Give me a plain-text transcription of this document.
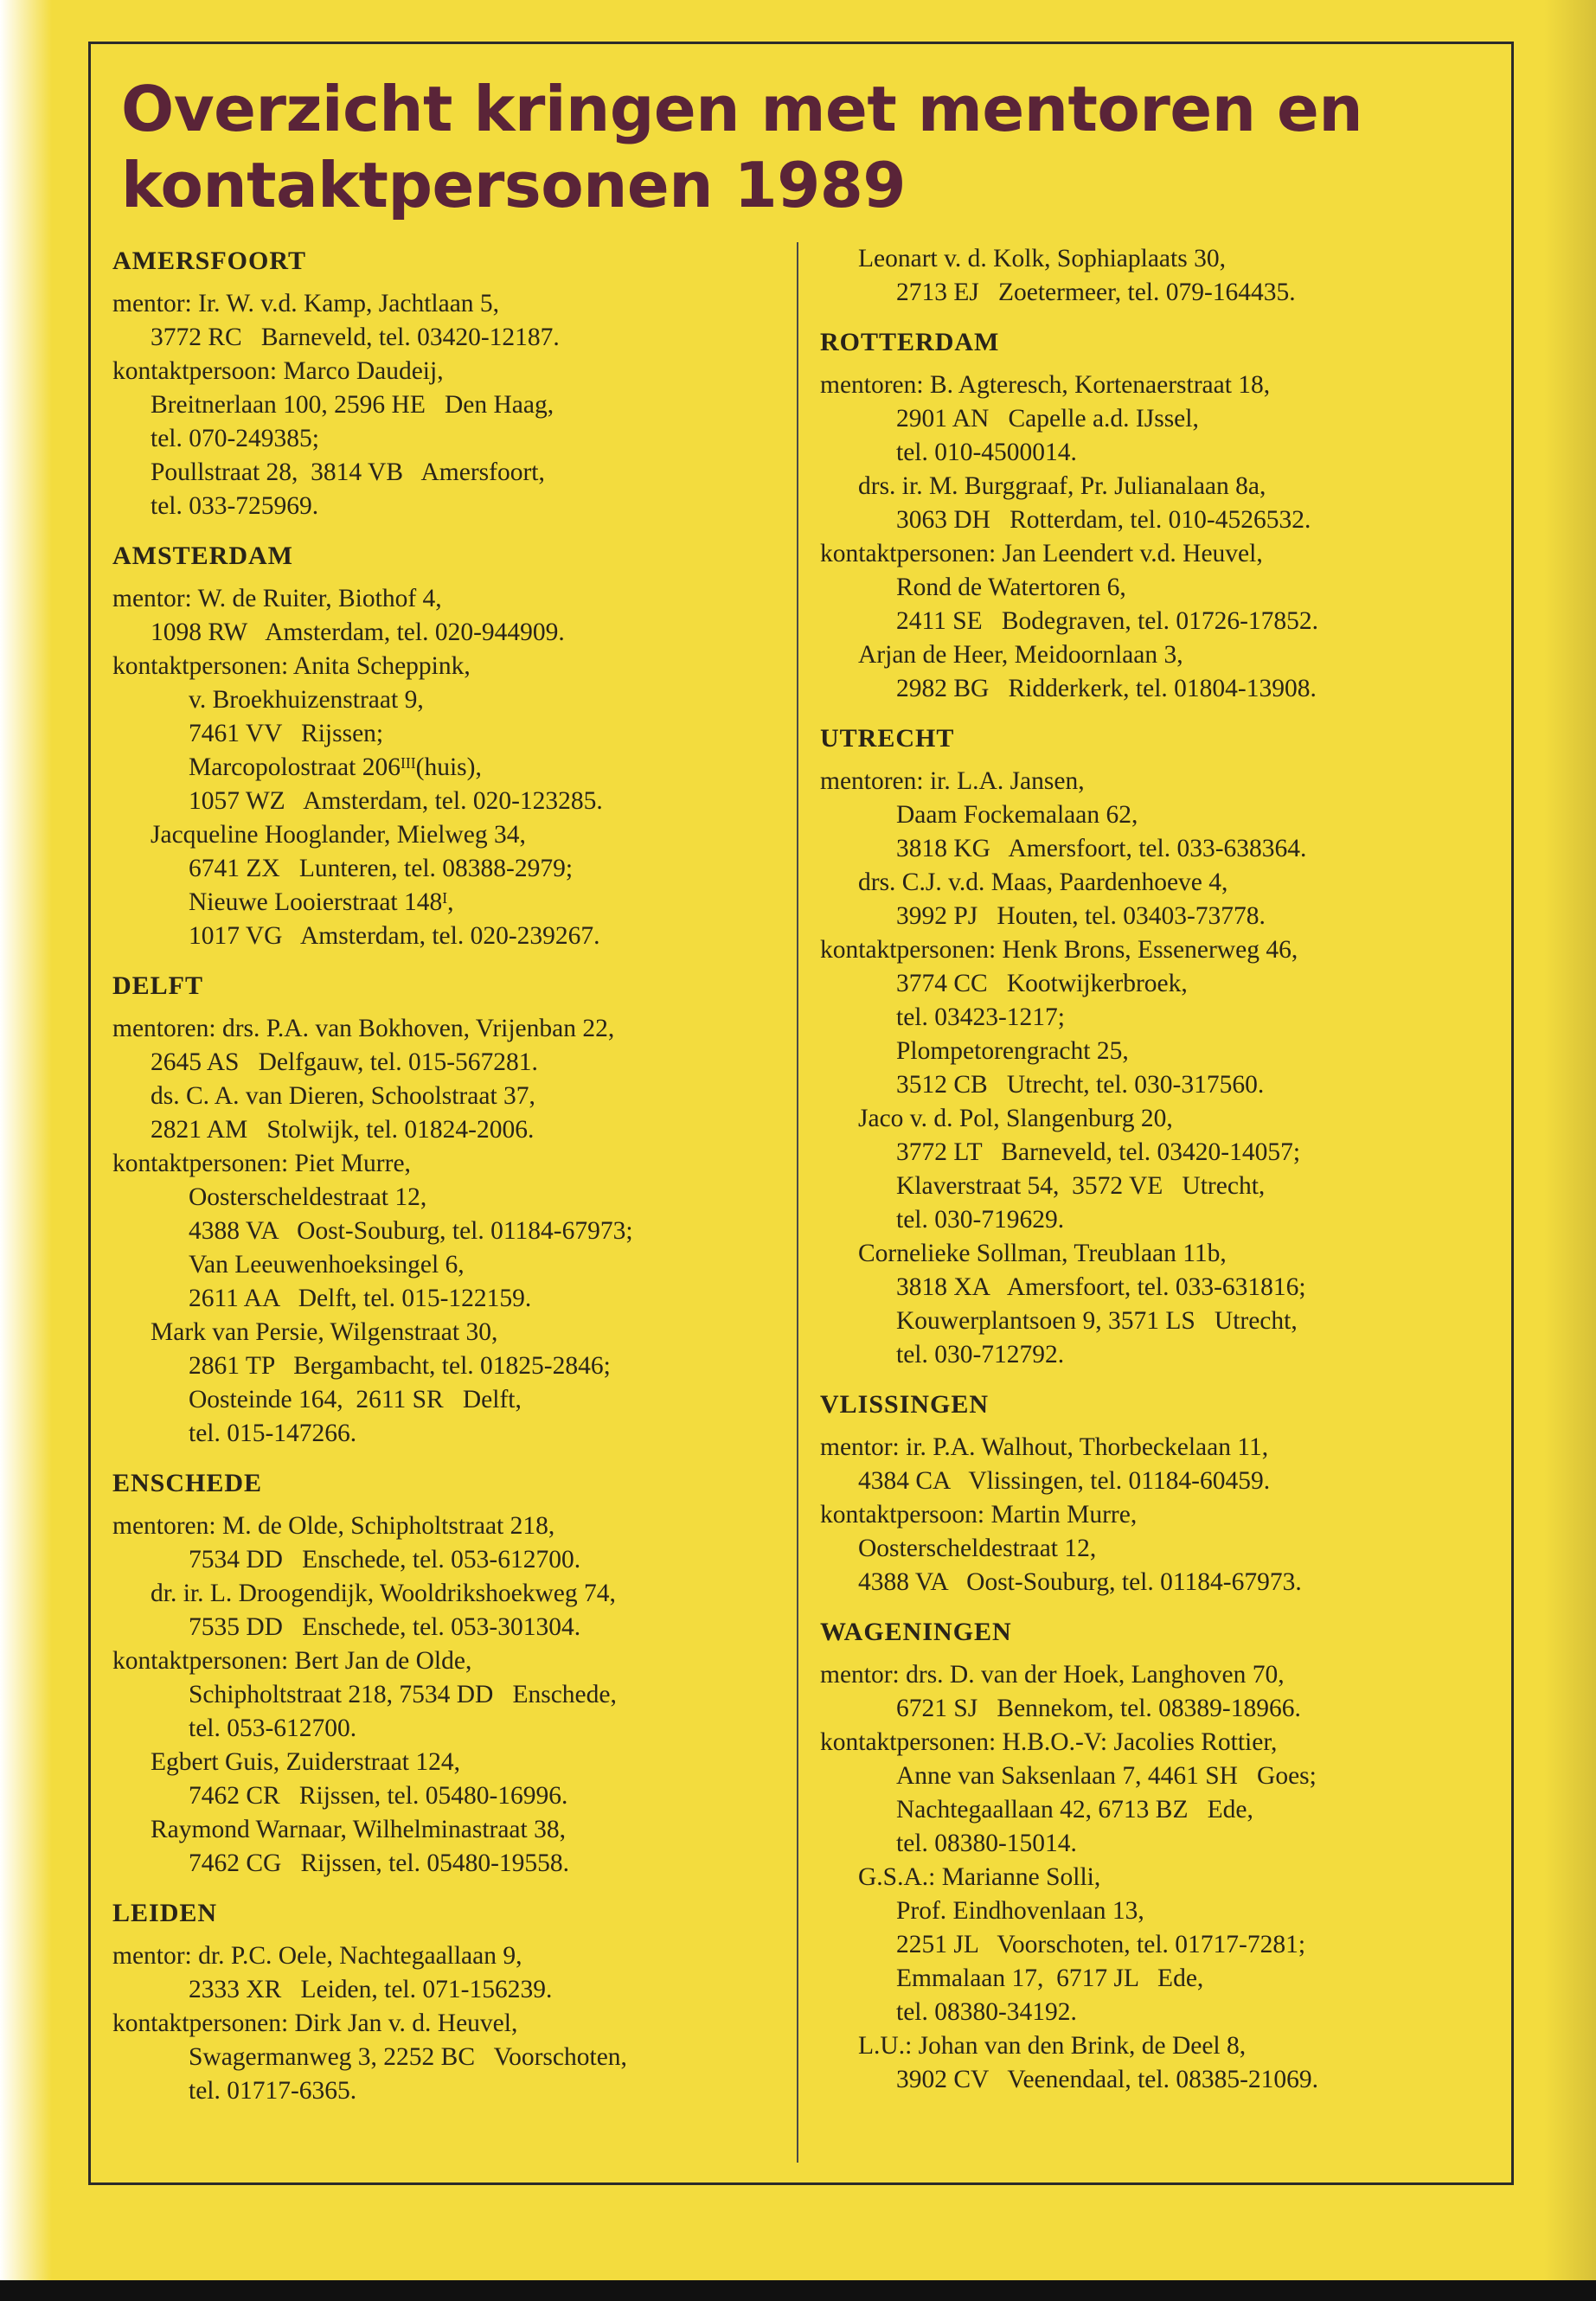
Overzicht kringen met mentoren en kontaktpersonen 1989
AMERSFOORT
mentor: Ir. W. v.d. Kamp, Jachtlaan 5,
3772 RC   Barneveld, tel. 03420-12187.
kontaktpersoon: Marco Daudeij,
Breitnerlaan 100, 2596 HE   Den Haag,
tel. 070-249385;
Poullstraat 28,  3814 VB   Amersfoort,
tel. 033-725969.
AMSTERDAM
mentor: W. de Ruiter, Biothof 4,
1098 RW   Amsterdam, tel. 020-944909.
kontaktpersonen: Anita Scheppink,
v. Broekhuizenstraat 9,
7461 VV   Rijssen;
Marcopolostraat 206ᴵᴵᴵ(huis),
1057 WZ   Amsterdam, tel. 020-123285.
Jacqueline Hooglander, Mielweg 34,
6741 ZX   Lunteren, tel. 08388-2979;
Nieuwe Looierstraat 148ᴵ,
1017 VG   Amsterdam, tel. 020-239267.
DELFT
mentoren: drs. P.A. van Bokhoven, Vrijenban 22,
2645 AS   Delfgauw, tel. 015-567281.
ds. C. A. van Dieren, Schoolstraat 37,
2821 AM   Stolwijk, tel. 01824-2006.
kontaktpersonen: Piet Murre,
Oosterscheldestraat 12,
4388 VA   Oost-Souburg, tel. 01184-67973;
Van Leeuwenhoeksingel 6,
2611 AA   Delft, tel. 015-122159.
Mark van Persie, Wilgenstraat 30,
2861 TP   Bergambacht, tel. 01825-2846;
Oosteinde 164,  2611 SR   Delft,
tel. 015-147266.
ENSCHEDE
mentoren: M. de Olde, Schipholtstraat 218,
7534 DD   Enschede, tel. 053-612700.
dr. ir. L. Droogendijk, Wooldrikshoekweg 74,
7535 DD   Enschede, tel. 053-301304.
kontaktpersonen: Bert Jan de Olde,
Schipholtstraat 218, 7534 DD   Enschede,
tel. 053-612700.
Egbert Guis, Zuiderstraat 124,
7462 CR   Rijssen, tel. 05480-16996.
Raymond Warnaar, Wilhelminastraat 38,
7462 CG   Rijssen, tel. 05480-19558.
LEIDEN
mentor: dr. P.C. Oele, Nachtegaallaan 9,
2333 XR   Leiden, tel. 071-156239.
kontaktpersonen: Dirk Jan v. d. Heuvel,
Swagermanweg 3, 2252 BC   Voorschoten,
tel. 01717-6365.
Leonart v. d. Kolk, Sophiaplaats 30,
2713 EJ   Zoetermeer, tel. 079-164435.
ROTTERDAM
mentoren: B. Agteresch, Kortenaerstraat 18,
2901 AN   Capelle a.d. IJssel,
tel. 010-4500014.
drs. ir. M. Burggraaf, Pr. Julianalaan 8a,
3063 DH   Rotterdam, tel. 010-4526532.
kontaktpersonen: Jan Leendert v.d. Heuvel,
Rond de Watertoren 6,
2411 SE   Bodegraven, tel. 01726-17852.
Arjan de Heer, Meidoornlaan 3,
2982 BG   Ridderkerk, tel. 01804-13908.
UTRECHT
mentoren: ir. L.A. Jansen,
Daam Fockemalaan 62,
3818 KG   Amersfoort, tel. 033-638364.
drs. C.J. v.d. Maas, Paardenhoeve 4,
3992 PJ   Houten, tel. 03403-73778.
kontaktpersonen: Henk Brons, Essenerweg 46,
3774 CC   Kootwijkerbroek,
tel. 03423-1217;
Plompetorengracht 25,
3512 CB   Utrecht, tel. 030-317560.
Jaco v. d. Pol, Slangenburg 20,
3772 LT   Barneveld, tel. 03420-14057;
Klaverstraat 54,  3572 VE   Utrecht,
tel. 030-719629.
Cornelieke Sollman, Treublaan 11b,
3818 XA   Amersfoort, tel. 033-631816;
Kouwerplantsoen 9, 3571 LS   Utrecht,
tel. 030-712792.
VLISSINGEN
mentor: ir. P.A. Walhout, Thorbeckelaan 11,
4384 CA   Vlissingen, tel. 01184-60459.
kontaktpersoon: Martin Murre,
Oosterscheldestraat 12,
4388 VA   Oost-Souburg, tel. 01184-67973.
WAGENINGEN
mentor: drs. D. van der Hoek, Langhoven 70,
6721 SJ   Bennekom, tel. 08389-18966.
kontaktpersonen: H.B.O.-V: Jacolies Rottier,
Anne van Saksenlaan 7, 4461 SH   Goes;
Nachtegaallaan 42, 6713 BZ   Ede,
tel. 08380-15014.
G.S.A.: Marianne Solli,
Prof. Eindhovenlaan 13,
2251 JL   Voorschoten, tel. 01717-7281;
Emmalaan 17,  6717 JL   Ede,
tel. 08380-34192.
L.U.: Johan van den Brink, de Deel 8,
3902 CV   Veenendaal, tel. 08385-21069.
